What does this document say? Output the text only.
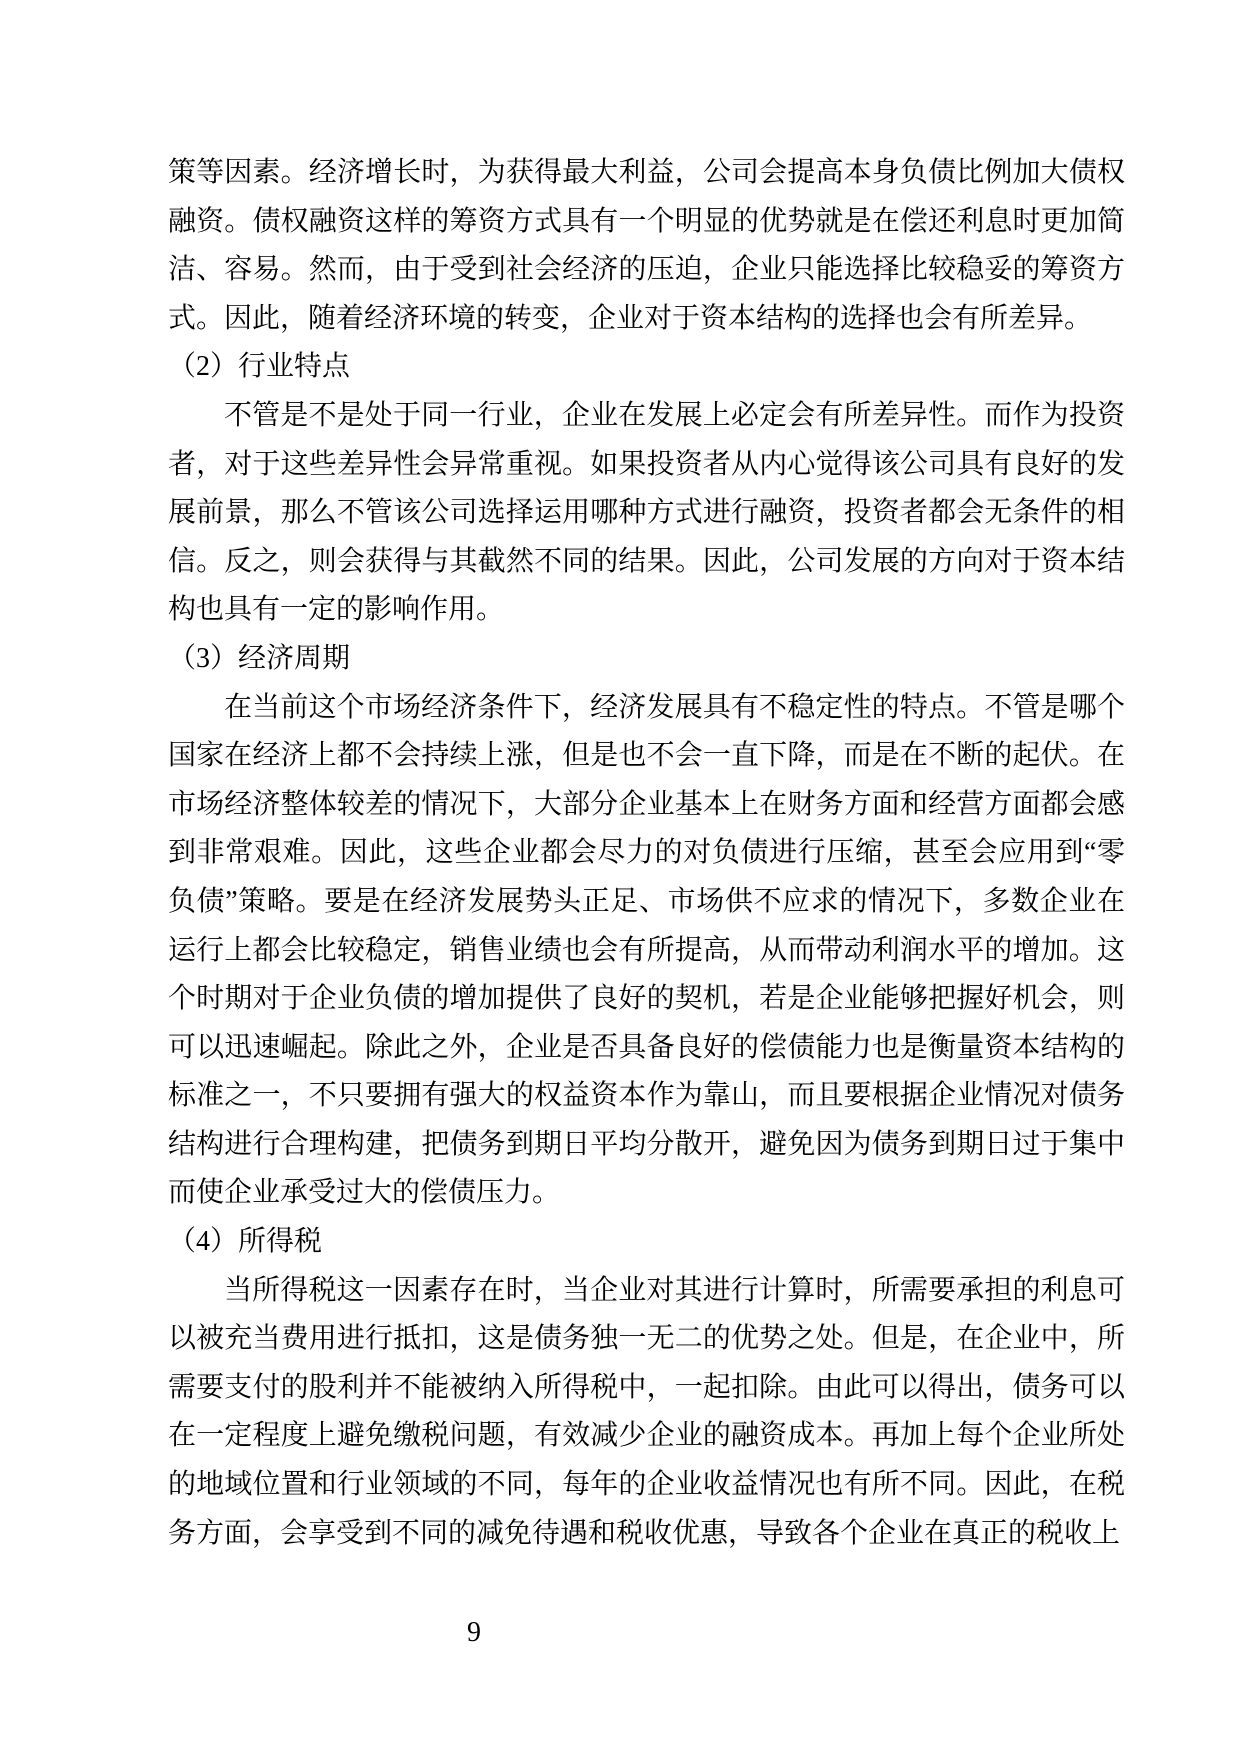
策等因素。经济增长时，为获得最大利益，公司会提高本身负债比例加大债权融资。债权融资这样的筹资方式具有一个明显的优势就是在偿还利息时更加简洁、容易。然而，由于受到社会经济的压迫，企业只能选择比较稳妥的筹资方式。因此，随着经济环境的转变，企业对于资本结构的选择也会有所差异。

（2）行业特点

不管是不是处于同一行业，企业在发展上必定会有所差异性。而作为投资者，对于这些差异性会异常重视。如果投资者从内心觉得该公司具有良好的发展前景，那么不管该公司选择运用哪种方式进行融资，投资者都会无条件的相信。反之，则会获得与其截然不同的结果。因此，公司发展的方向对于资本结构也具有一定的影响作用。

（3）经济周期

在当前这个市场经济条件下，经济发展具有不稳定性的特点。不管是哪个国家在经济上都不会持续上涨，但是也不会一直下降，而是在不断的起伏。在市场经济整体较差的情况下，大部分企业基本上在财务方面和经营方面都会感到非常艰难。因此，这些企业都会尽力的对负债进行压缩，甚至会应用到“零负债”策略。要是在经济发展势头正足、市场供不应求的情况下，多数企业在运行上都会比较稳定，销售业绩也会有所提高，从而带动利润水平的增加。这个时期对于企业负债的增加提供了良好的契机，若是企业能够把握好机会，则可以迅速崛起。除此之外，企业是否具备良好的偿债能力也是衡量资本结构的标准之一，不只要拥有强大的权益资本作为靠山，而且要根据企业情况对债务结构进行合理构建，把债务到期日平均分散开，避免因为债务到期日过于集中而使企业承受过大的偿债压力。

（4）所得税

当所得税这一因素存在时，当企业对其进行计算时，所需要承担的利息可以被充当费用进行抵扣，这是债务独一无二的优势之处。但是，在企业中，所需要支付的股利并不能被纳入所得税中，一起扣除。由此可以得出，债务可以在一定程度上避免缴税问题，有效减少企业的融资成本。再加上每个企业所处的地域位置和行业领域的不同，每年的企业收益情况也有所不同。因此，在税务方面，会享受到不同的减免待遇和税收优惠，导致各个企业在真正的税收上

9
